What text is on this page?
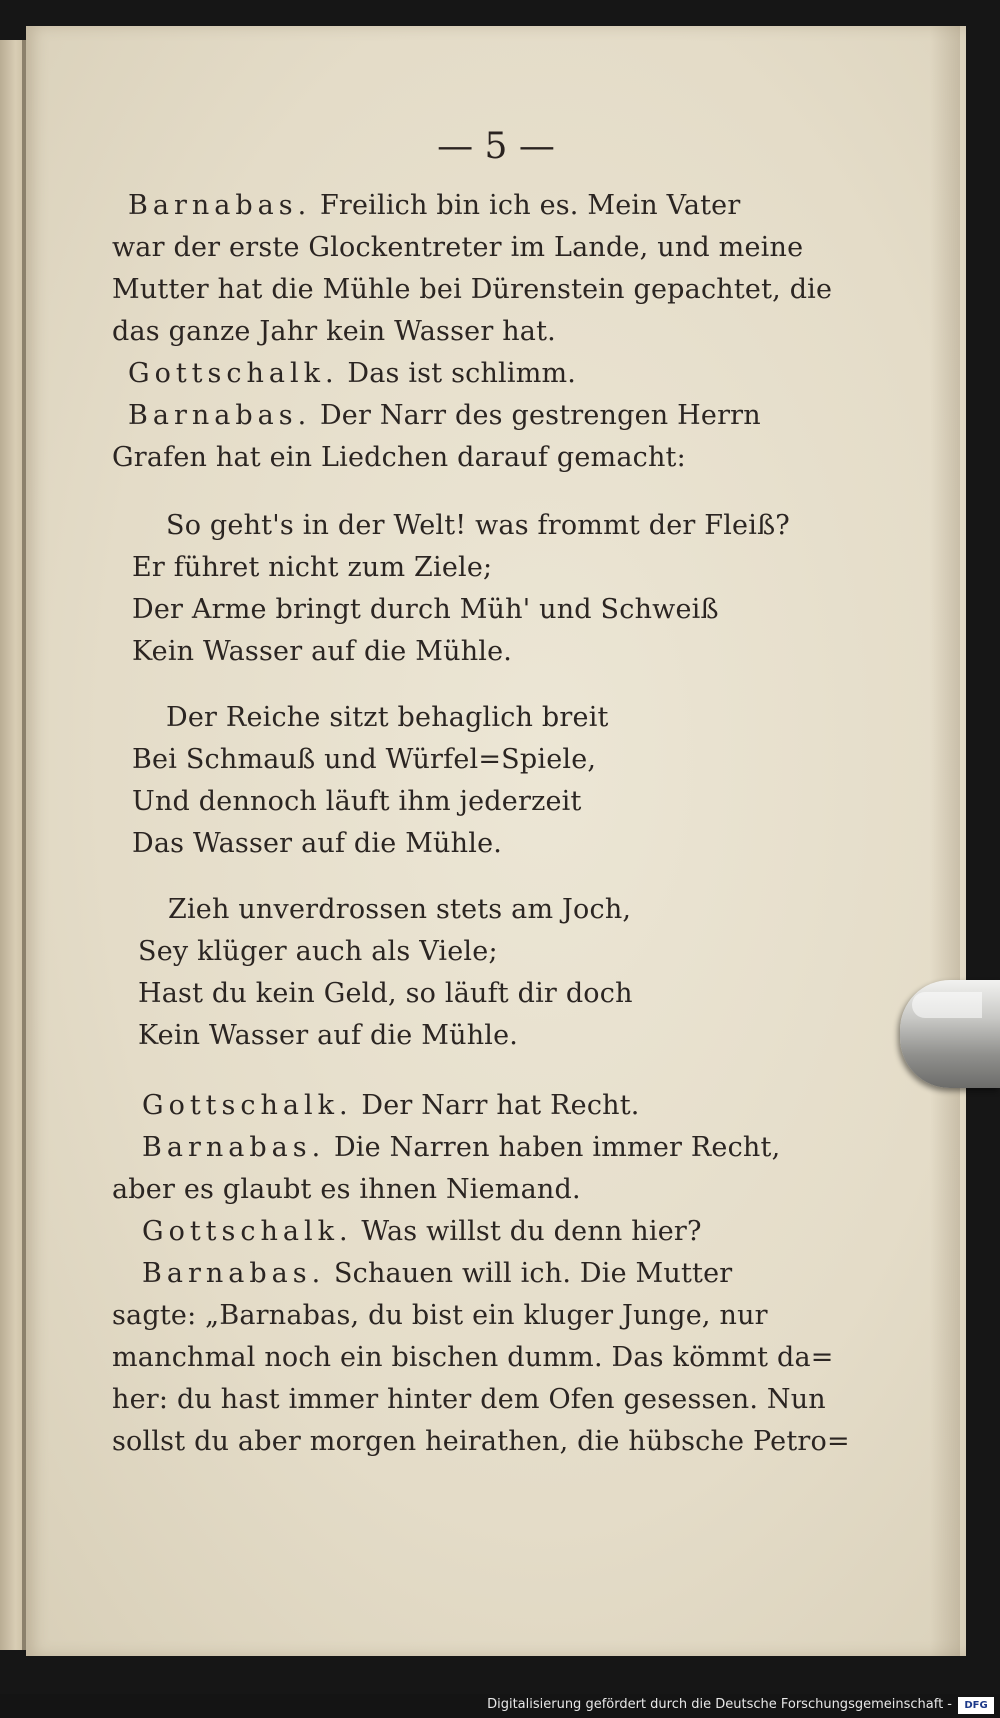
— 5 —
Barnabas. Freilich bin ich es. Mein Vater
war der erste Glockentreter im Lande, und meine
Mutter hat die Mühle bei Dürenstein gepachtet, die
das ganze Jahr kein Wasser hat.
Gottschalk. Das ist schlimm.
Barnabas. Der Narr des gestrengen Herrn
Grafen hat ein Liedchen darauf gemacht:
So geht's in der Welt! was frommt der Fleiß?
Er führet nicht zum Ziele;
Der Arme bringt durch Müh' und Schweiß
Kein Wasser auf die Mühle.
Der Reiche sitzt behaglich breit
Bei Schmauß und Würfel=Spiele,
Und dennoch läuft ihm jederzeit
Das Wasser auf die Mühle.
Zieh unverdrossen stets am Joch,
Sey klüger auch als Viele;
Hast du kein Geld, so läuft dir doch
Kein Wasser auf die Mühle.
Gottschalk. Der Narr hat Recht.
Barnabas. Die Narren haben immer Recht,
aber es glaubt es ihnen Niemand.
Gottschalk. Was willst du denn hier?
Barnabas. Schauen will ich. Die Mutter
sagte: „Barnabas, du bist ein kluger Junge, nur
manchmal noch ein bischen dumm. Das kömmt da=
her: du hast immer hinter dem Ofen gesessen. Nun
sollst du aber morgen heirathen, die hübsche Petro=
Digitalisierung gefördert durch die Deutsche Forschungsgemeinschaft -	DFG
